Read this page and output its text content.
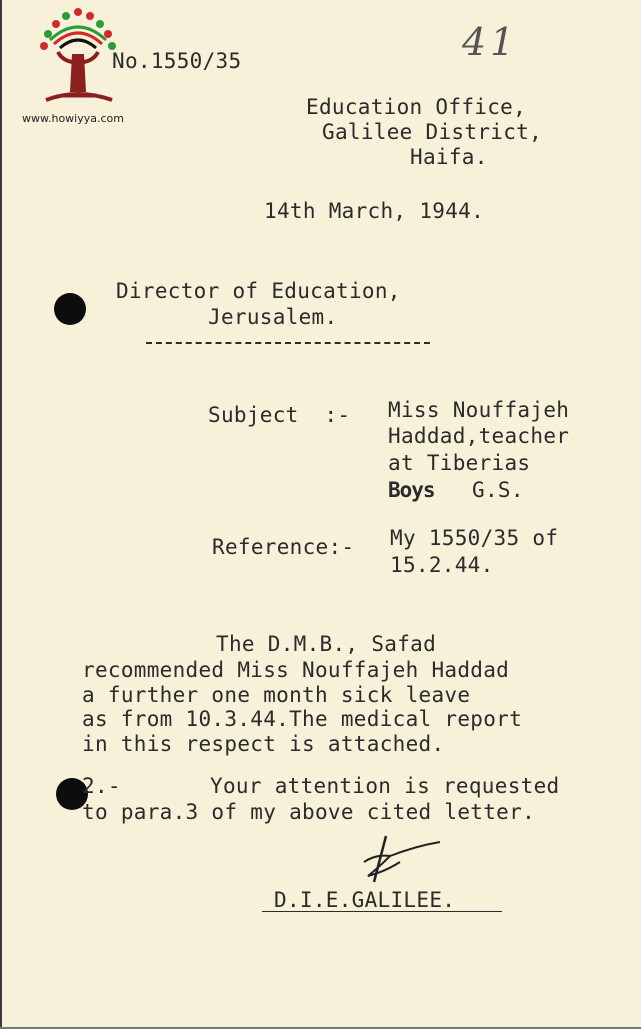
www.howiyya.com
41
No.1550/35
Education Office,
Galilee District,
Haifa.
14th March, 1944.
Director of Education,
Jerusalem.
Subject  :- Miss Nouffajeh
Haddad,teacher
at Tiberias
Boys G.S.
Reference:- My 1550/35 of
15.2.44.
The D.M.B., Safad
recommended Miss Nouffajeh Haddad
a further one month sick leave
as from 10.3.44.The medical report
in this respect is attached.
2.-	Your attention is requested
to para.3 of my above cited letter.
D.I.E.GALILEE.
